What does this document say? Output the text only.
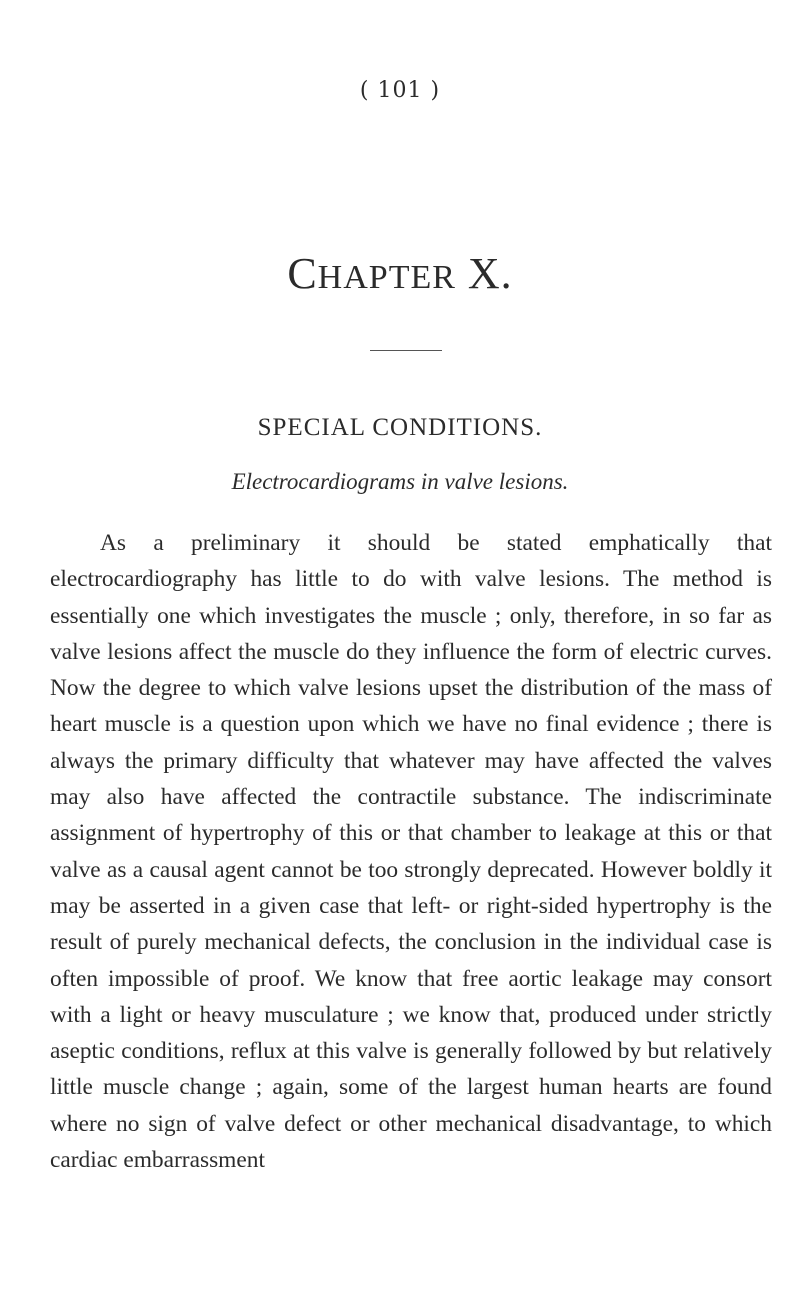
( 101 )
CHAPTER X.
SPECIAL CONDITIONS.
Electrocardiograms in valve lesions.

As a preliminary it should be stated emphatically that electrocardiography has little to do with valve lesions. The method is essentially one which investigates the muscle ; only, therefore, in so far as valve lesions affect the muscle do they influence the form of electric curves. Now the degree to which valve lesions upset the distribution of the mass of heart muscle is a question upon which we have no final evidence ; there is always the primary difficulty that whatever may have affected the valves may also have affected the contractile substance. The indiscriminate assignment of hypertrophy of this or that chamber to leakage at this or that valve as a causal agent cannot be too strongly deprecated. However boldly it may be asserted in a given case that left- or right-sided hypertrophy is the result of purely mechanical defects, the conclusion in the individual case is often impossible of proof. We know that free aortic leakage may consort with a light or heavy musculature ; we know that, produced under strictly aseptic conditions, reflux at this valve is generally followed by but relatively little muscle change ; again, some of the largest human hearts are found where no sign of valve defect or other mechanical disadvantage, to which cardiac embarrassment
